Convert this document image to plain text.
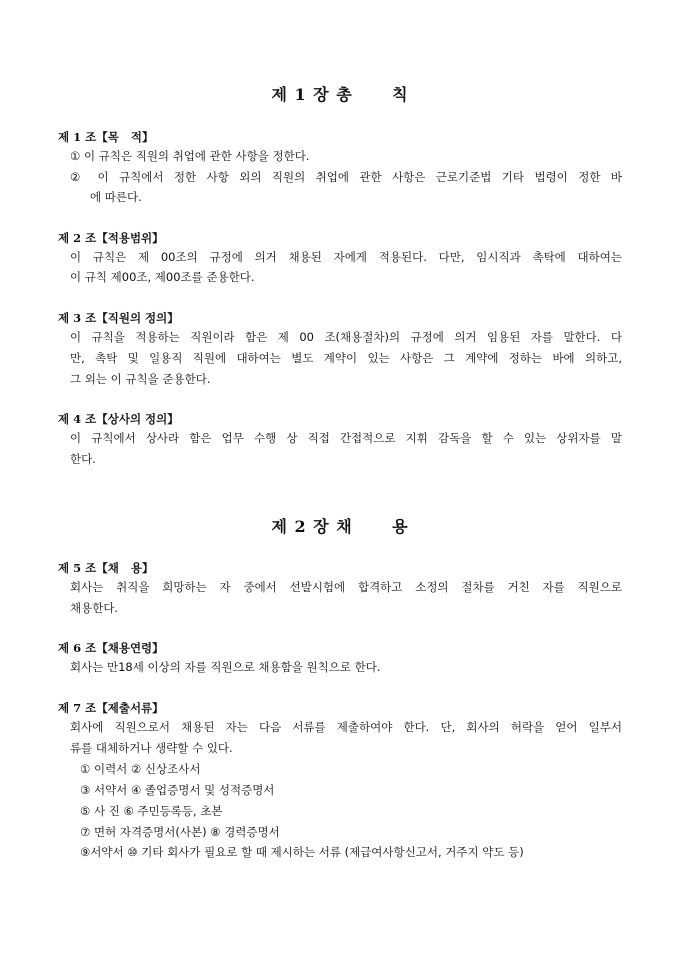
제 1 장 총      칙
제 1 조【목   적】
① 이 규칙은 직원의 취업에 관한 사항을 정한다.
② 이 규칙에서 정한 사항 외의 직원의 취업에 관한 사항은 근로기준법 기타 법령이 정한 바
에 따른다.
제 2 조【적용범위】
이 규칙은 제 00조의 규정에 의거 채용된 자에게 적용된다. 다만, 임시직과 촉탁에 대하여는
이 규칙 제00조, 제00조를 준용한다.
제 3 조【직원의 정의】
이 규칙을 적용하는 직원이라 함은 제 00 조(채용절차)의 규정에 의거 임용된 자를 말한다. 다
만, 촉탁 및 일용직 직원에 대하여는 별도 계약이 있는 사항은 그 계약에 정하는 바에 의하고,
그 외는 이 규칙을 준용한다.
제 4 조【상사의 정의】
이 규칙에서 상사라 함은 업무 수행 상 직접 간접적으로 지휘 감독을 할 수 있는 상위자를 말
한다.
제 2 장 채      용
제 5 조【채   용】
회사는 취직을 희망하는 자 중에서 선발시험에 합격하고 소정의 절차를 거친 자를 직원으로
채용한다.
제 6 조【채용연령】
회사는 만18세 이상의 자를 직원으로 채용함을 원칙으로 한다.
제 7 조【제출서류】
회사에 직원으로서 채용된 자는 다음 서류를 제출하여야 한다. 단, 회사의 허락을 얻어 일부서
류를 대체하거나 생략할 수 있다.
① 이력서 ② 신상조사서
③ 서약서 ④ 졸업증명서 및 성적증명서
⑤ 사 진 ⑥ 주민등록등, 초본
⑦ 면허 자격증명서(사본) ⑧ 경력증명서
⑨서약서 ⑩ 기타 회사가 필요로 할 때 제시하는 서류 (제급여사항신고서, 거주지 약도 등)
